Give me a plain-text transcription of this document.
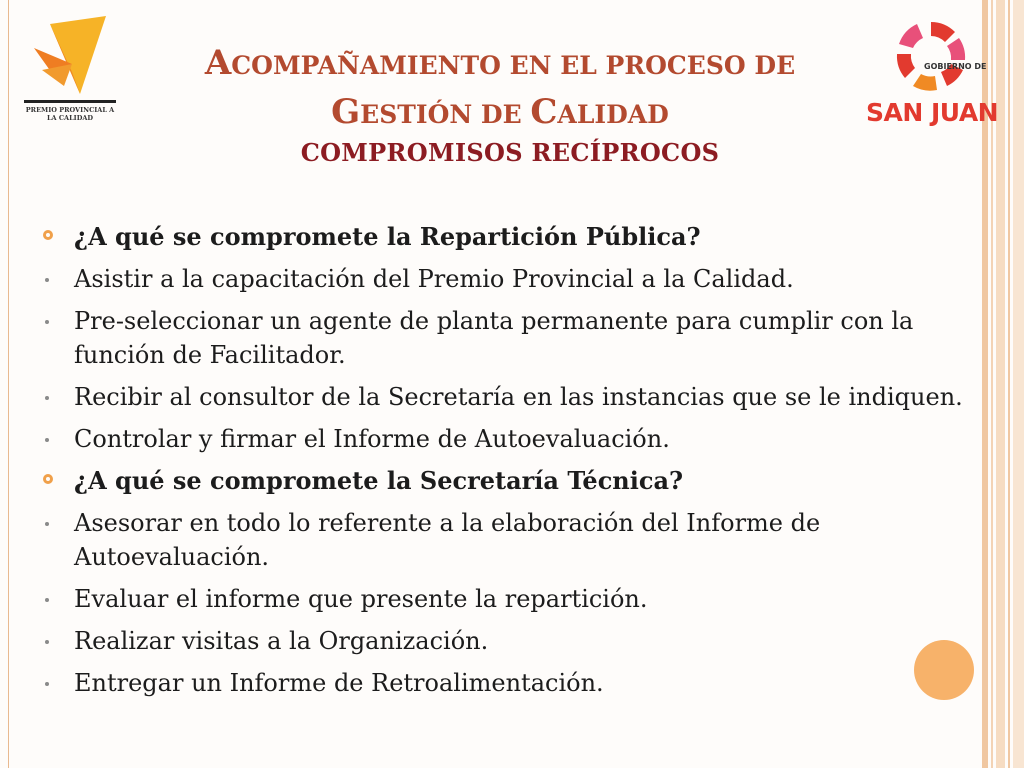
PREMIO PROVINCIAL A LA CALIDAD
GOBIERNO DE
SAN JUAN
ACOMPAÑAMIENTO EN EL PROCESO DE
GESTIÓN DE CALIDAD
COMPROMISOS RECÍPROCOS
¿A qué se compromete la Repartición Pública?
Asistir a la capacitación del Premio Provincial a la Calidad.
Pre-seleccionar un agente de planta permanente para cumplir con la función de Facilitador.
Recibir al consultor de la Secretaría en las instancias que se le indiquen.
Controlar y firmar el Informe de Autoevaluación.
¿A qué se compromete la Secretaría Técnica?
Asesorar en todo lo referente a la elaboración del Informe de Autoevaluación.
Evaluar el informe que presente la repartición.
Realizar visitas a la Organización.
Entregar un Informe de Retroalimentación.
